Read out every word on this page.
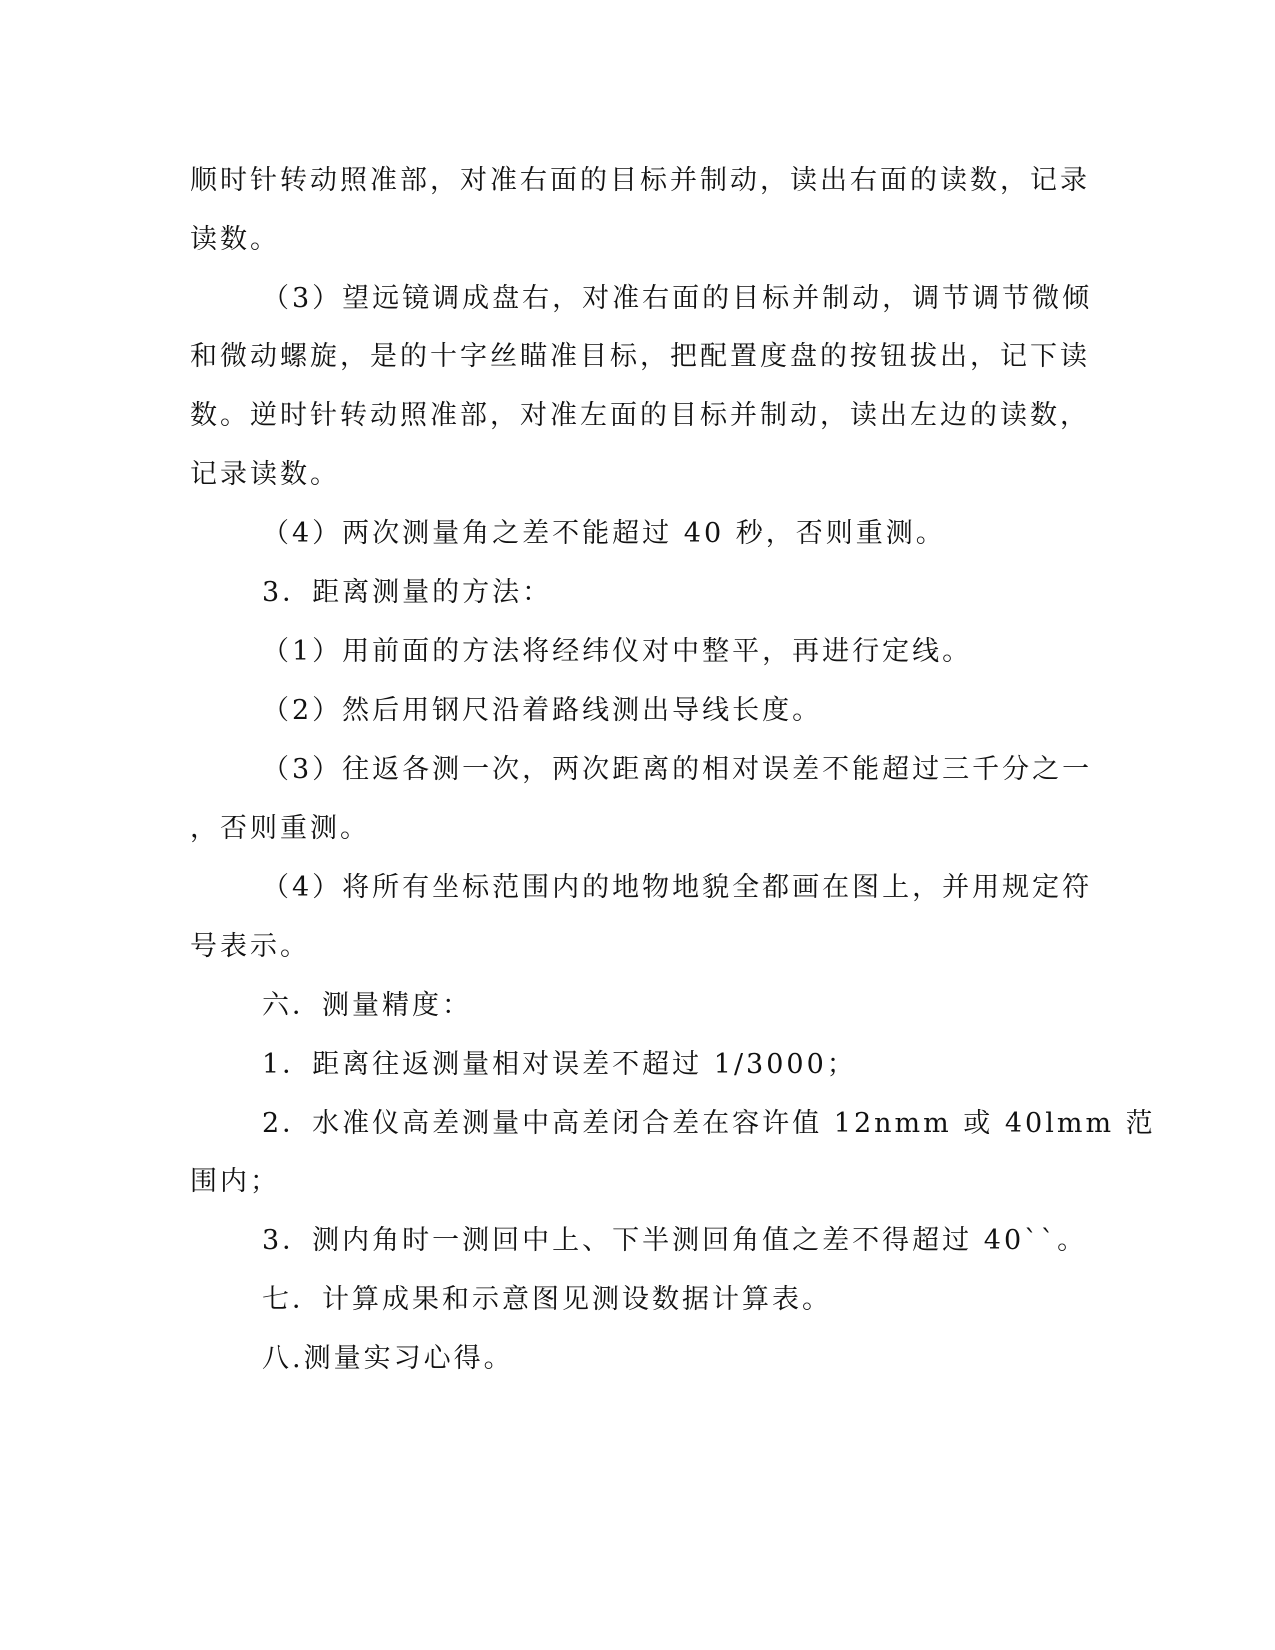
顺时针转动照准部，对准右面的目标并制动，读出右面的读数，记录
读数。
（3）望远镜调成盘右，对准右面的目标并制动，调节调节微倾
和微动螺旋，是的十字丝瞄准目标，把配置度盘的按钮拔出，记下读
数。逆时针转动照准部，对准左面的目标并制动，读出左边的读数，
记录读数。
（4）两次测量角之差不能超过 40 秒，否则重测。
3．距离测量的方法：
（1）用前面的方法将经纬仪对中整平，再进行定线。
（2）然后用钢尺沿着路线测出导线长度。
（3）往返各测一次，两次距离的相对误差不能超过三千分之一
，否则重测。
（4）将所有坐标范围内的地物地貌全都画在图上，并用规定符
号表示。
六．测量精度：
1．距离往返测量相对误差不超过 1/3000；
2．水准仪高差测量中高差闭合差在容许值 12nmm 或 40lmm 范
围内；
3．测内角时一测回中上、下半测回角值之差不得超过 40``。
七．计算成果和示意图见测设数据计算表。
八.测量实习心得。
